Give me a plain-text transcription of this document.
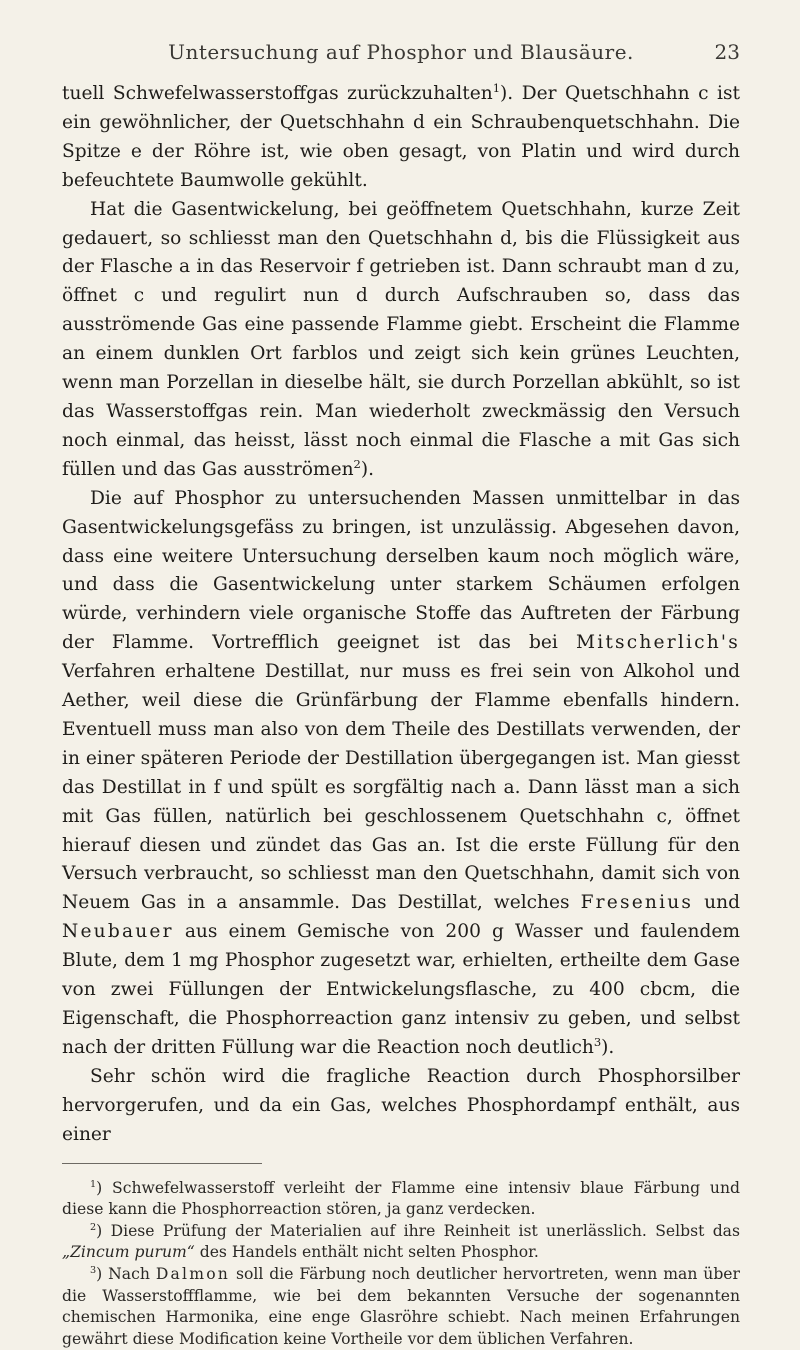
Untersuchung auf Phosphor und Blausäure.	23

tuell Schwefelwasserstoffgas zurückzuhalten$^1$). Der Quetschhahn c ist ein gewöhnlicher, der Quetschhahn d ein Schraubenquetschhahn. Die Spitze e der Röhre ist, wie oben gesagt, von Platin und wird durch befeuchtete Baumwolle gekühlt.

Hat die Gasentwickelung, bei geöffnetem Quetschhahn, kurze Zeit gedauert, so schliesst man den Quetschhahn d, bis die Flüssigkeit aus der Flasche a in das Reservoir f getrieben ist. Dann schraubt man d zu, öffnet c und regulirt nun d durch Aufschrauben so, dass das ausströmende Gas eine passende Flamme giebt. Erscheint die Flamme an einem dunklen Ort farblos und zeigt sich kein grünes Leuchten, wenn man Porzellan in dieselbe hält, sie durch Porzellan abkühlt, so ist das Wasserstoffgas rein. Man wiederholt zweckmässig den Versuch noch einmal, das heisst, lässt noch einmal die Flasche a mit Gas sich füllen und das Gas ausströmen$^2$).

Die auf Phosphor zu untersuchenden Massen unmittelbar in das Gasentwickelungsgefäss zu bringen, ist unzulässig. Abgesehen davon, dass eine weitere Untersuchung derselben kaum noch möglich wäre, und dass die Gasentwickelung unter starkem Schäumen erfolgen würde, verhindern viele organische Stoffe das Auftreten der Färbung der Flamme. Vortrefflich geeignet ist das bei Mitscherlich's Verfahren erhaltene Destillat, nur muss es frei sein von Alkohol und Aether, weil diese die Grünfärbung der Flamme ebenfalls hindern. Eventuell muss man also von dem Theile des Destillats verwenden, der in einer späteren Periode der Destillation übergegangen ist. Man giesst das Destillat in f und spült es sorgfältig nach a. Dann lässt man a sich mit Gas füllen, natürlich bei geschlossenem Quetschhahn c, öffnet hierauf diesen und zündet das Gas an. Ist die erste Füllung für den Versuch verbraucht, so schliesst man den Quetschhahn, damit sich von Neuem Gas in a ansammle. Das Destillat, welches Fresenius und Neubauer aus einem Gemische von 200 g Wasser und faulendem Blute, dem 1 mg Phosphor zugesetzt war, erhielten, ertheilte dem Gase von zwei Füllungen der Entwickelungsflasche, zu 400 cbcm, die Eigenschaft, die Phosphorreaction ganz intensiv zu geben, und selbst nach der dritten Füllung war die Reaction noch deutlich$^3$).

Sehr schön wird die fragliche Reaction durch Phosphorsilber hervorgerufen, und da ein Gas, welches Phosphordampf enthält, aus einer

$^1$) Schwefelwasserstoff verleiht der Flamme eine intensiv blaue Färbung und diese kann die Phosphorreaction stören, ja ganz verdecken.

$^2$) Diese Prüfung der Materialien auf ihre Reinheit ist unerlässlich. Selbst das „Zincum purum“ des Handels enthält nicht selten Phosphor.

$^3$) Nach Dalmon soll die Färbung noch deutlicher hervortreten, wenn man über die Wasserstoffflamme, wie bei dem bekannten Versuche der sogenannten chemischen Harmonika, eine enge Glasröhre schiebt. Nach meinen Erfahrungen gewährt diese Modification keine Vortheile vor dem üblichen Verfahren.
